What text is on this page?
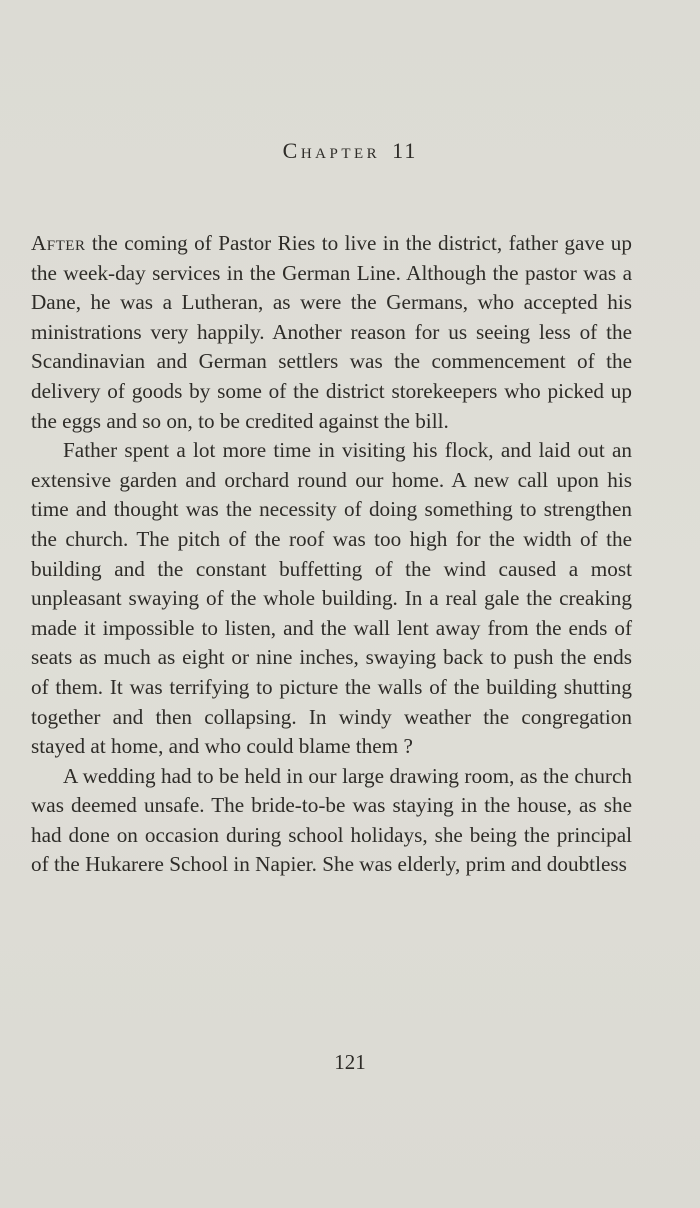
Chapter 11

After the coming of Pastor Ries to live in the district, father gave up the week-day services in the German Line. Although the pastor was a Dane, he was a Lutheran, as were the Germans, who accepted his ministrations very happily. Another reason for us seeing less of the Scandinavian and German settlers was the commencement of the delivery of goods by some of the district storekeepers who picked up the eggs and so on, to be credited against the bill.

Father spent a lot more time in visiting his flock, and laid out an extensive garden and orchard round our home. A new call upon his time and thought was the necessity of doing something to strengthen the church. The pitch of the roof was too high for the width of the building and the constant buffetting of the wind caused a most unpleasant swaying of the whole building. In a real gale the creaking made it impossible to listen, and the wall lent away from the ends of seats as much as eight or nine inches, swaying back to push the ends of them. It was terrifying to picture the walls of the building shutting together and then collapsing. In windy weather the congregation stayed at home, and who could blame them ?

A wedding had to be held in our large drawing room, as the church was deemed unsafe. The bride-to-be was staying in the house, as she had done on occasion during school holidays, she being the principal of the Hukarere School in Napier. She was elderly, prim and doubtless

121
